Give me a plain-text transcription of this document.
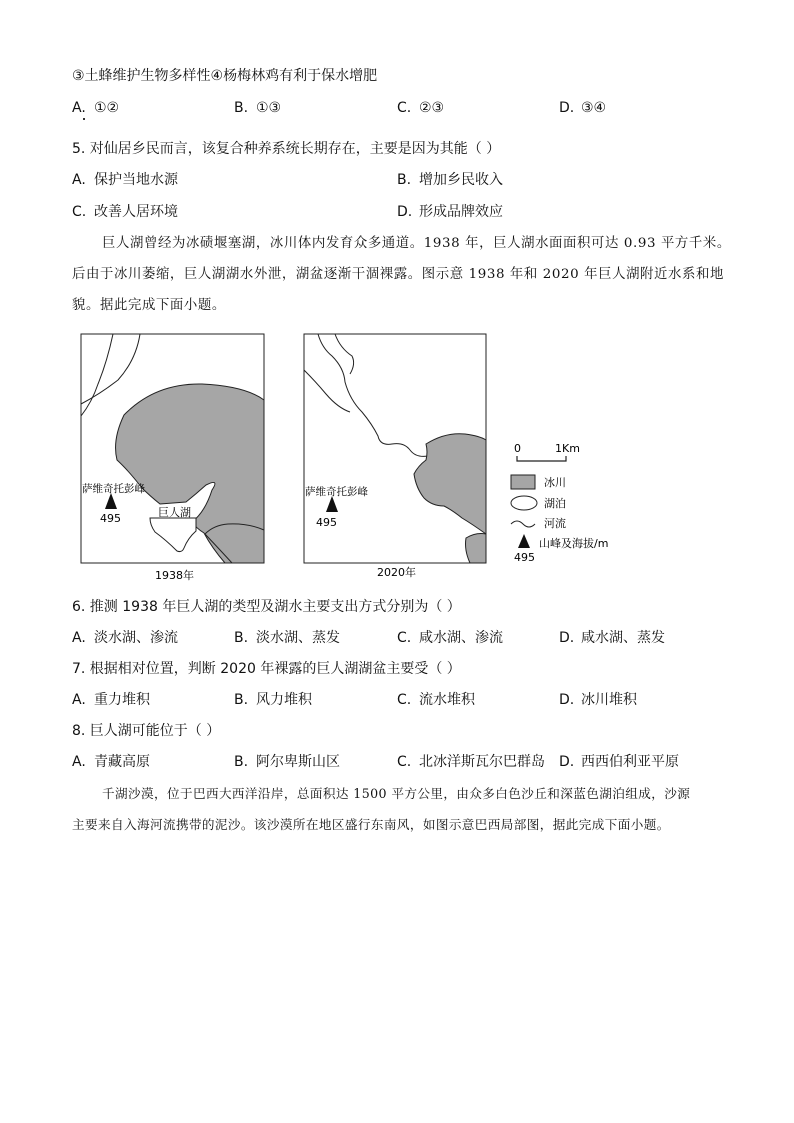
③土蜂维护生物多样性④杨梅林鸡有利于保水增肥
A. ①②	B. ①③	C. ②③	D. ③④
5. 对仙居乡民而言，该复合种养系统长期存在，主要是因为其能（ ）
A. 保护当地水源	B. 增加乡民收入
C. 改善人居环境	D. 形成品牌效应
巨人湖曾经为冰碛堰塞湖，冰川体内发育众多通道。1938 年，巨人湖水面面积可达 0.93 平方千米。
后由于冰川萎缩，巨人湖湖水外泄，湖盆逐渐干涸裸露。图示意 1938 年和 2020 年巨人湖附近水系和地
貌。据此完成下面小题。
萨维奇托彭峰
495	巨人湖
1938年
萨维奇托彭峰
495
2020年
0	1Km
冰川
湖泊
河流
山峰及海拔/m
495
6. 推测 1938 年巨人湖的类型及湖水主要支出方式分别为（ ）
A. 淡水湖、渗流	B. 淡水湖、蒸发	C. 咸水湖、渗流	D. 咸水湖、蒸发
7. 根据相对位置，判断 2020 年裸露的巨人湖湖盆主要受（ ）
A. 重力堆积	B. 风力堆积	C. 流水堆积	D. 冰川堆积
8. 巨人湖可能位于（ ）
A. 青藏高原	B. 阿尔卑斯山区	C. 北冰洋斯瓦尔巴群岛 D. 西西伯利亚平原
千湖沙漠，位于巴西大西洋沿岸，总面积达 1500 平方公里，由众多白色沙丘和深蓝色湖泊组成，沙源
主要来自入海河流携带的泥沙。该沙漠所在地区盛行东南风，如图示意巴西局部图，据此完成下面小题。
